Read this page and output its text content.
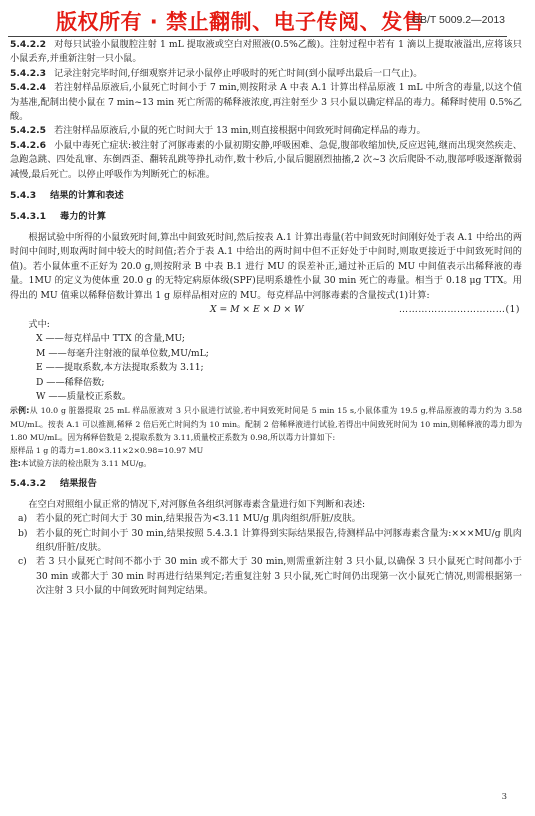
版权所有 · 禁止翻制、电子传阅、发售
GB/T 5009.2—2013

5.4.2.2 对每只试验小鼠腹腔注射 1 mL 提取液或空白对照液(0.5%乙酸)。注射过程中若有 1 滴以上提取液溢出,应将该只小鼠丢弃,并重新注射一只小鼠。

5.4.2.3 记录注射完毕时间,仔细观察并记录小鼠停止呼吸时的死亡时间(到小鼠呼出最后一口气止)。

5.4.2.4 若注射样品原液后,小鼠死亡时间小于 7 min,则按附录 A 中表 A.1 计算出样品原液 1 mL 中所含的毒量,以这个值为基准,配制出使小鼠在 7 min~13 min 死亡所需的稀释液浓度,再注射至少 3 只小鼠以确定样品的毒力。稀释时使用 0.5%乙酸。

5.4.2.5 若注射样品原液后,小鼠的死亡时间大于 13 min,则直接根据中间致死时间确定样品的毒力。

5.4.2.6 小鼠中毒死亡症状:被注射了河豚毒素的小鼠初期安静,呼吸困难、急促,腹部收缩加快,反应迟钝,继而出现突然疾走、急跑急跳、四处乱窜、东倒西歪、翻转乱跳等挣扎动作,数十秒后,小鼠后腿剧烈抽搐,2 次~3 次后爬卧不动,腹部呼吸逐渐微弱减慢,最后死亡。以停止呼吸作为判断死亡的标准。

5.4.3 结果的计算和表述
5.4.3.1 毒力的计算

根据试验中所得的小鼠致死时间,算出中间致死时间,然后按表 A.1 计算出毒量(若中间致死时间刚好处于表 A.1 中给出的两时间中间时,则取两时间中较大的时间值;若介于表 A.1 中给出的两时间中但不正好处于中间时,则取更接近于中间致死时间的值)。若小鼠体重不正好为 20.0 g,则按附录 B 中表 B.1 进行 MU 的误差补正,通过补正后的 MU 中间值表示出稀释液的毒量。1MU 的定义为使体重 20.0 g 的无特定病原体级(SPF)昆明系雄性小鼠 30 min 死亡的毒量。相当于 0.18 μg TTX。用得出的 MU 值乘以稀释倍数计算出 1 g 原样品相对应的 MU。每克样品中河豚毒素的含量按式(1)计算:

X = M × E × D × W	……………………………(1)

式中:

X ——每克样品中 TTX 的含量,MU;

M ——每毫升注射液的鼠单位数,MU/mL;

E ——提取系数,本方法提取系数为 3.11;

D ——稀释倍数;

W ——质量校正系数。

示例:从 10.0 g 脏器提取 25 mL 样品原液对 3 只小鼠进行试验,若中间致死时间是 5 min 15 s,小鼠体重为 19.5 g,样品原液的毒力约为 3.58 MU/mL。按表 A.1 可以推测,稀释 2 倍后死亡时间约为 10 min。配制 2 倍稀释液进行试验,若得出中间致死时间为 10 min,则稀释液的毒力即为 1.80 MU/mL。因为稀释倍数是 2,提取系数为 3.11,质量校正系数为 0.98,所以毒力计算如下:

原样品 1 g 的毒力=1.80×3.11×2×0.98=10.97 MU

注:本试验方法的检出限为 3.11 MU/g。

5.4.3.2 结果报告

在空白对照组小鼠正常的情况下,对河豚鱼各组织河豚毒素含量进行如下判断和表述:

a) 若小鼠的死亡时间大于 30 min,结果报告为<3.11 MU/g 肌肉组织/肝脏/皮肤。

b) 若小鼠的死亡时间小于 30 min,结果按照 5.4.3.1 计算得到实际结果报告,待测样品中河豚毒素含量为:×××MU/g 肌肉组织/肝脏/皮肤。

c) 若 3 只小鼠死亡时间不都小于 30 min 或不都大于 30 min,则需重新注射 3 只小鼠,以确保 3 只小鼠死亡时间都小于 30 min 或都大于 30 min 时再进行结果判定;若重复注射 3 只小鼠,死亡时间仍出现第一次小鼠死亡情况,则需根据第一次注射 3 只小鼠的中间致死时间判定结果。

3
